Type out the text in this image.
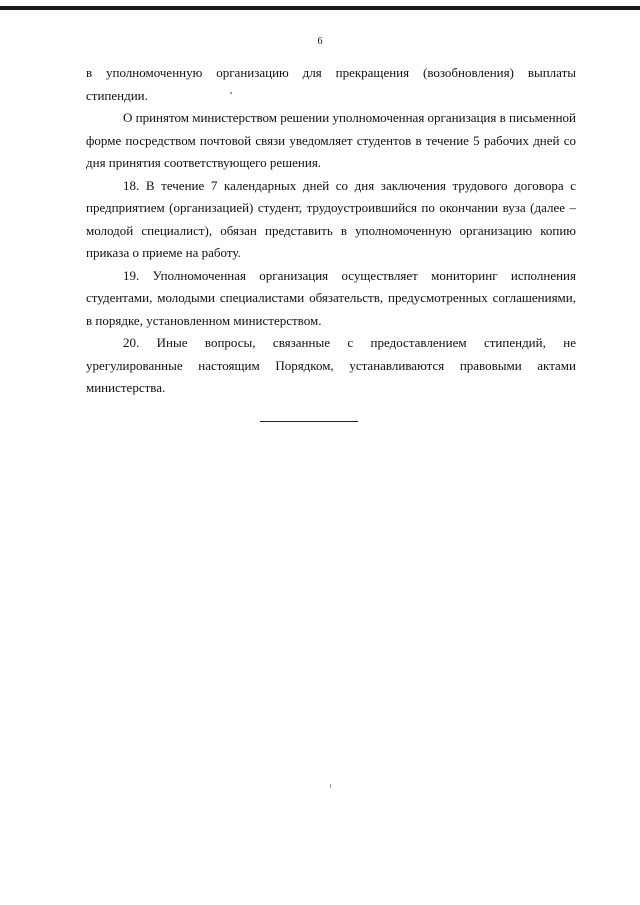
6

в уполномоченную организацию для прекращения (возобновления) выплаты стипендии.

О принятом министерством решении уполномоченная организация в письменной форме посредством почтовой связи уведомляет студентов в течение 5 рабочих дней со дня принятия соответствующего решения.

18. В течение 7 календарных дней со дня заключения трудового договора с предприятием (организацией) студент, трудоустроившийся по окончании вуза (далее – молодой специалист), обязан представить в уполномоченную организацию копию приказа о приеме на работу.

19. Уполномоченная организация осуществляет мониторинг исполнения студентами, молодыми специалистами обязательств, предусмотренных соглашениями, в порядке, установленном министерством.

20. Иные вопросы, связанные с предоставлением стипендий, не урегулированные настоящим Порядком, устанавливаются правовыми актами министерства.
